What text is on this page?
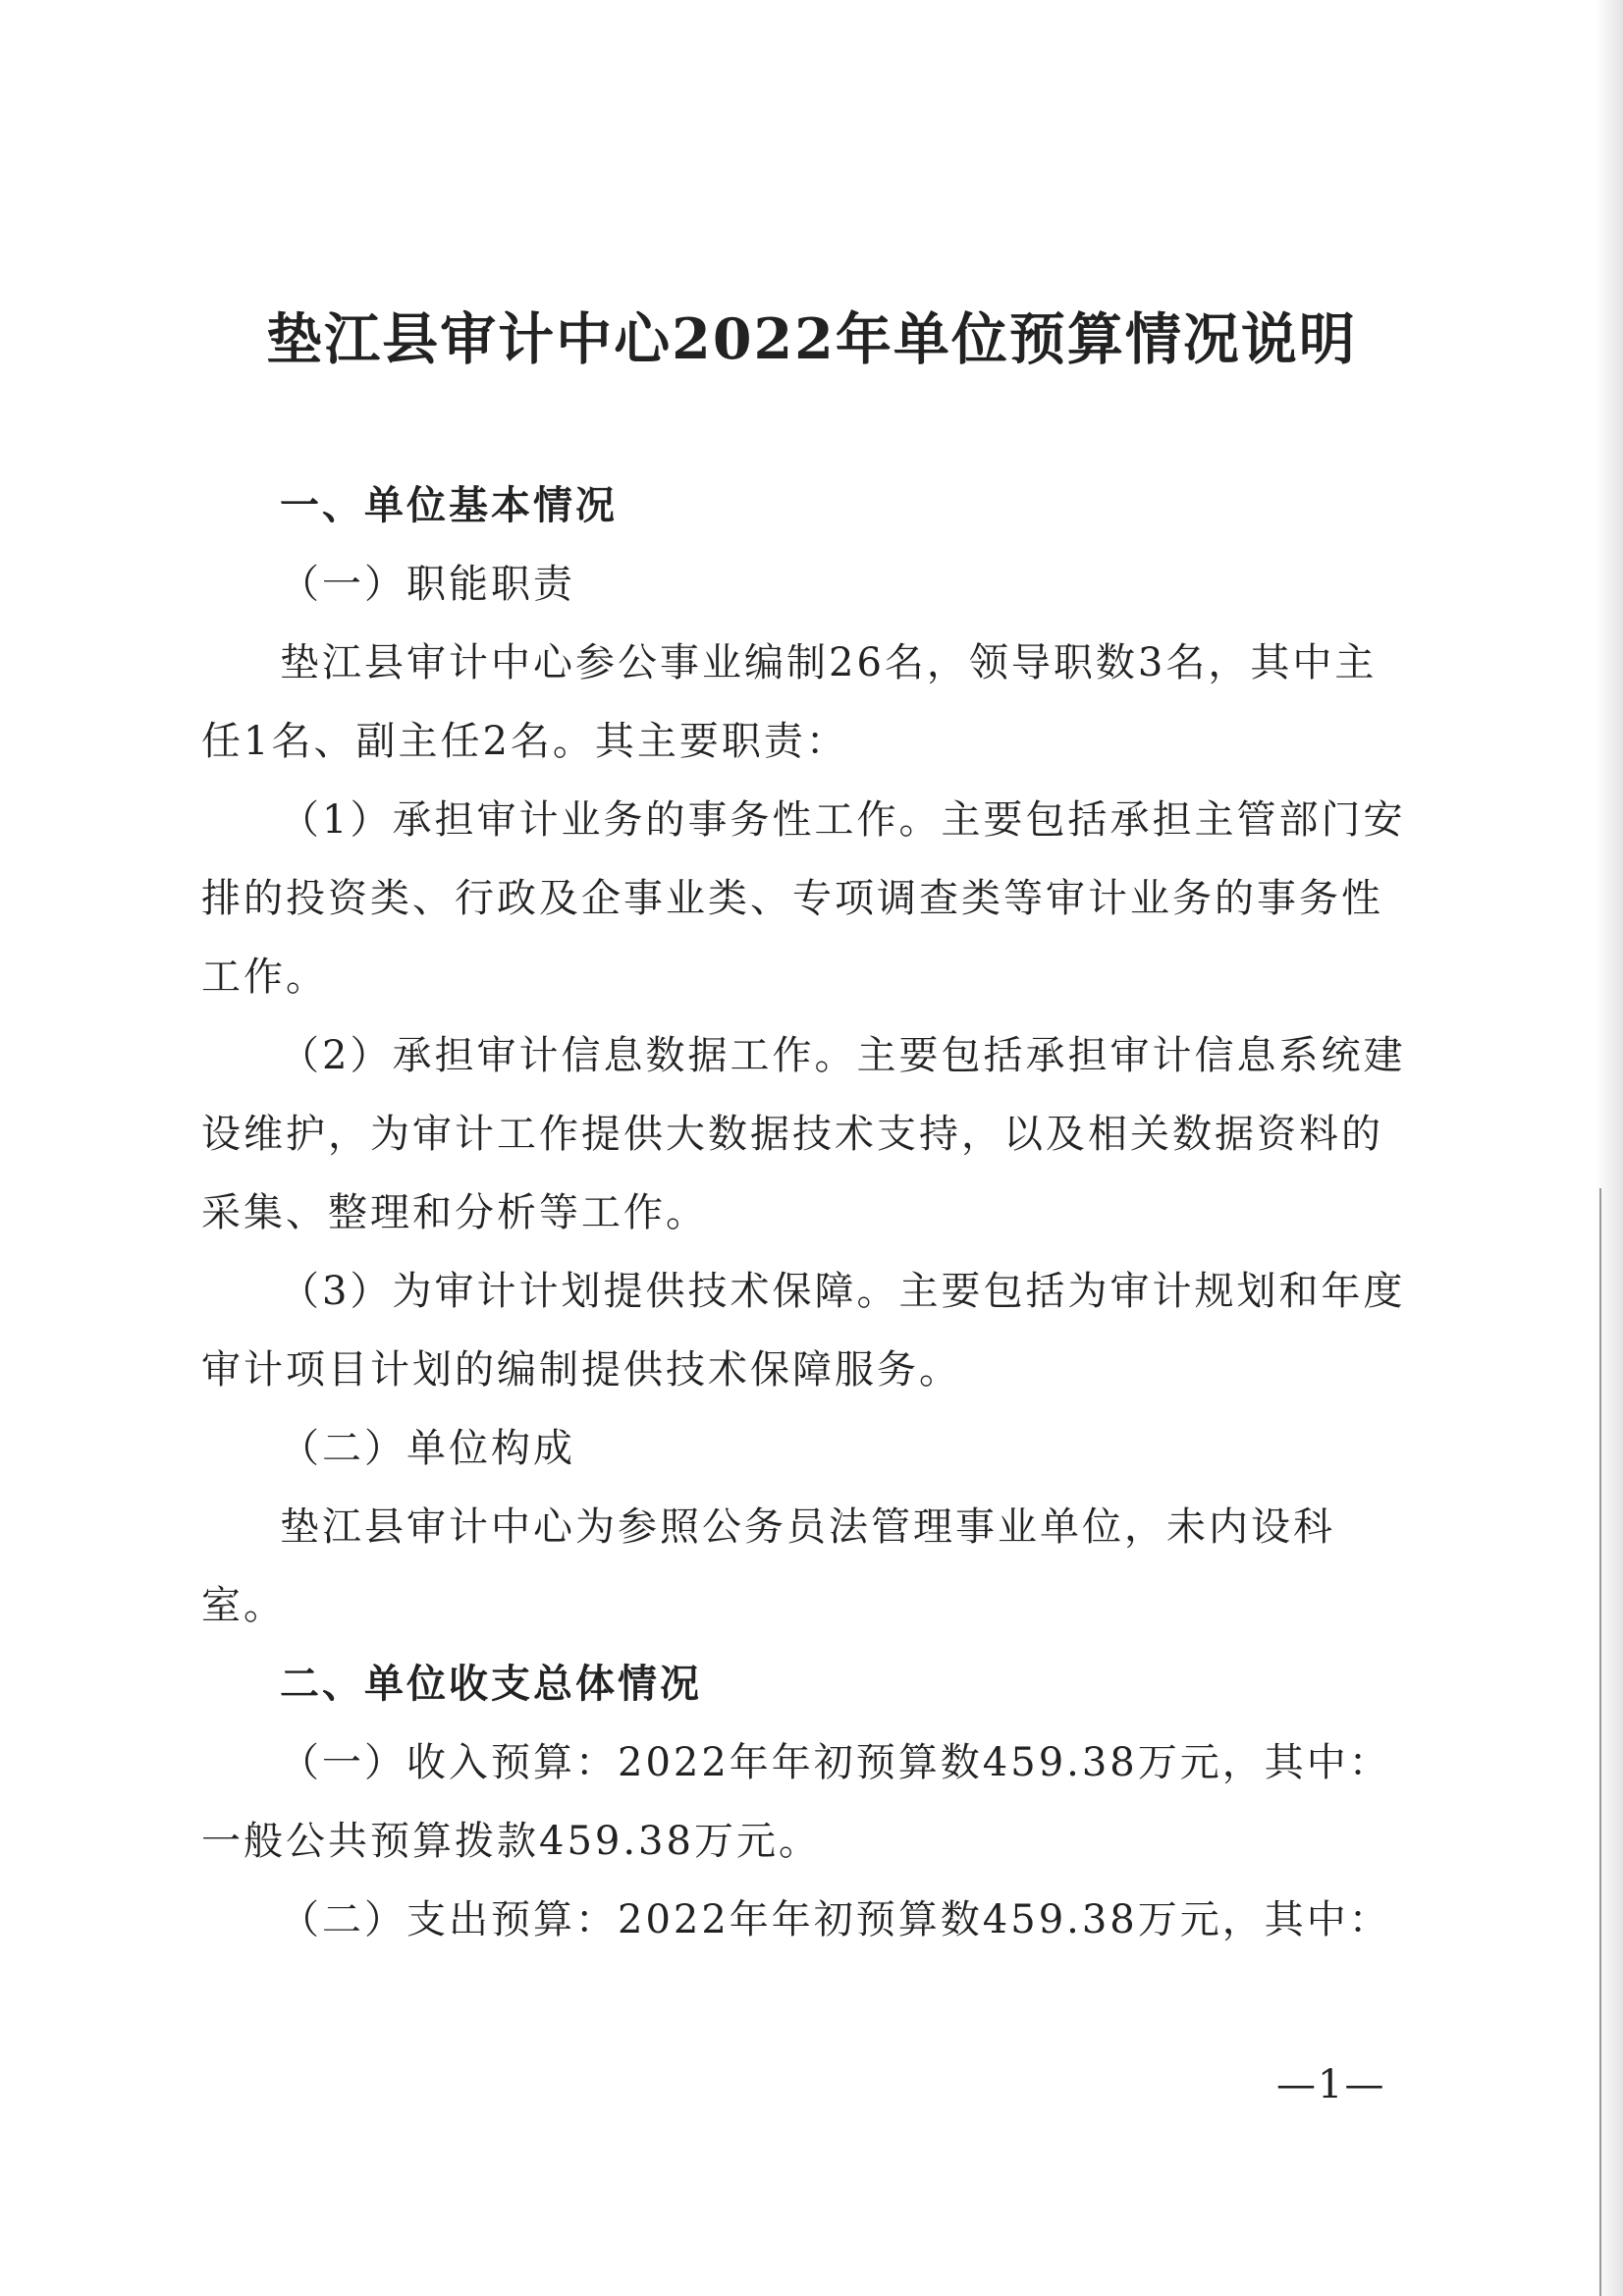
垫江县审计中心2022年单位预算情况说明

一、单位基本情况

（一）职能职责

垫江县审计中心参公事业编制26名，领导职数3名，其中主任1名、副主任2名。其主要职责：

（1）承担审计业务的事务性工作。主要包括承担主管部门安排的投资类、行政及企事业类、专项调查类等审计业务的事务性工作。

（2）承担审计信息数据工作。主要包括承担审计信息系统建设维护，为审计工作提供大数据技术支持，以及相关数据资料的采集、整理和分析等工作。

（3）为审计计划提供技术保障。主要包括为审计规划和年度审计项目计划的编制提供技术保障服务。

（二）单位构成

垫江县审计中心为参照公务员法管理事业单位，未内设科室。

二、单位收支总体情况

（一）收入预算：2022年年初预算数459.38万元，其中：一般公共预算拨款459.38万元。

（二）支出预算：2022年年初预算数459.38万元，其中：

—1—
